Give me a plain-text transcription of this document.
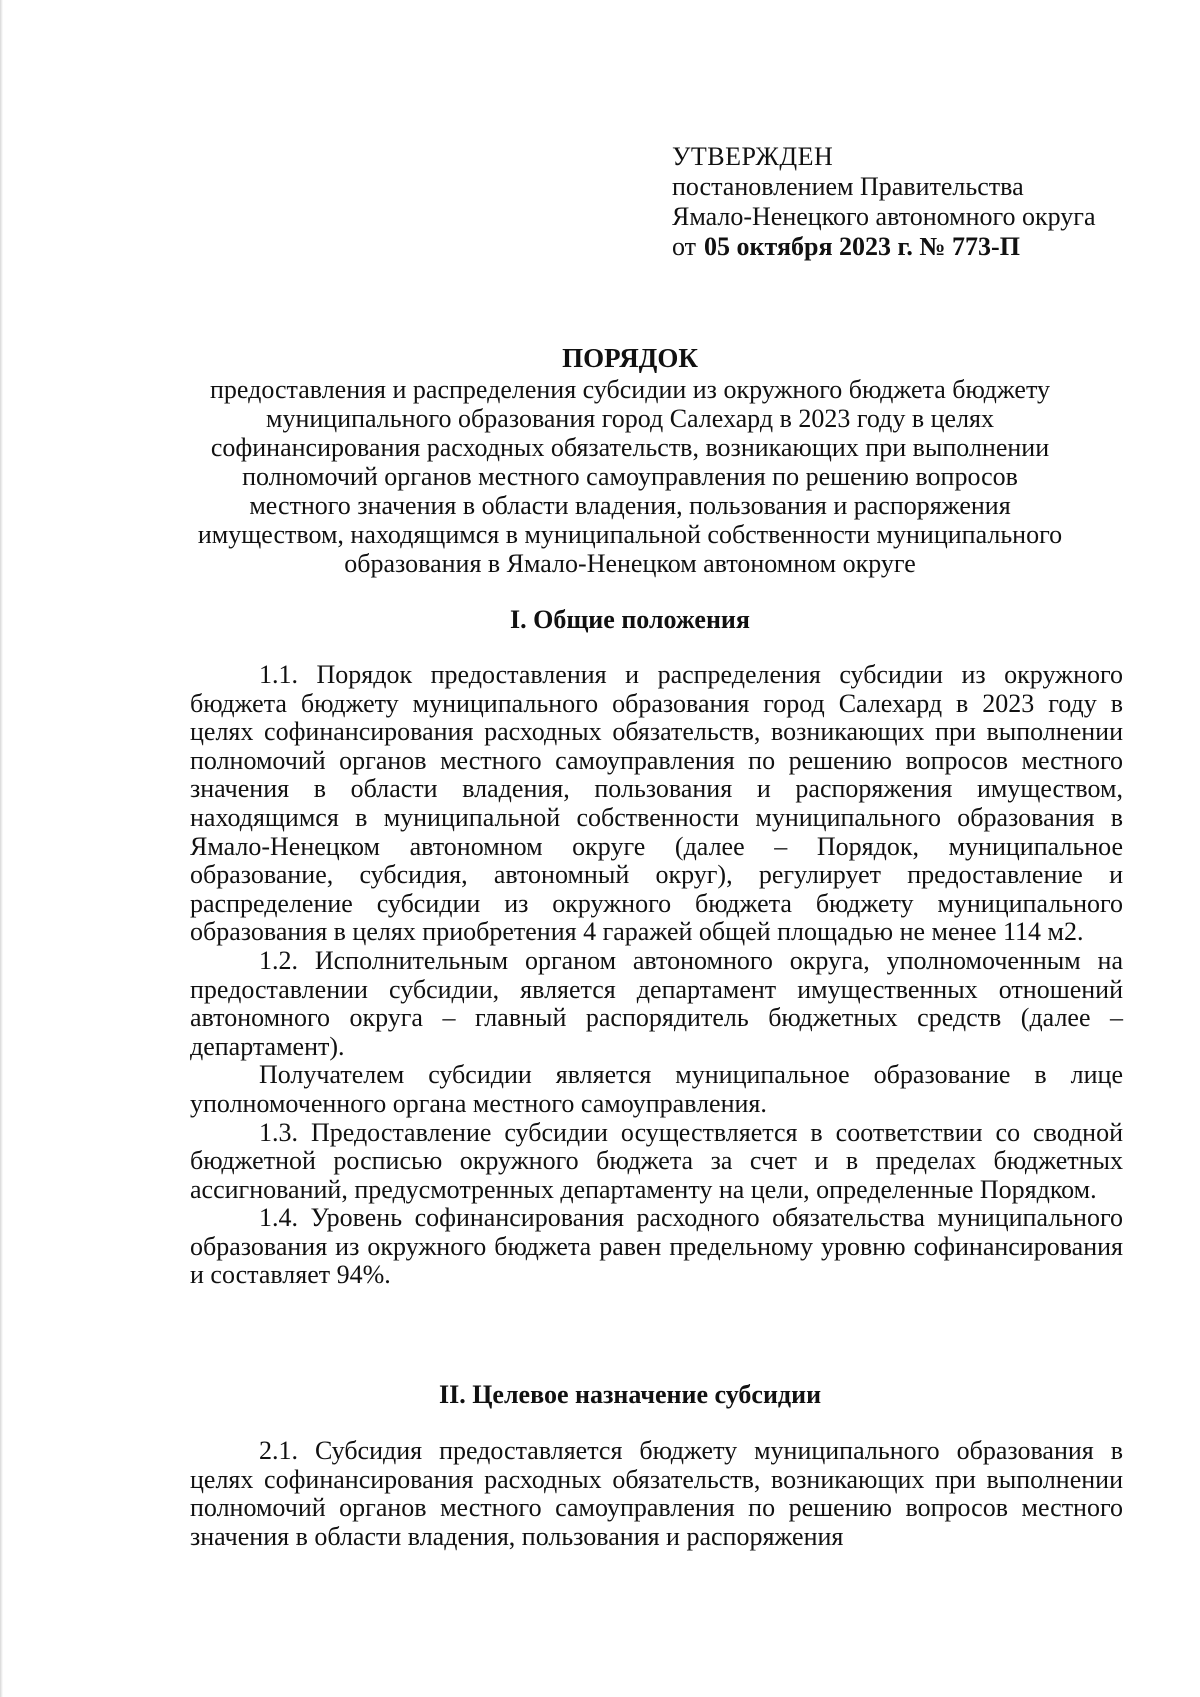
УТВЕРЖДЕН

постановлением Правительства

Ямало-Ненецкого автономного округа

от 05 октября 2023 г. № 773-П

ПОРЯДОК

предоставления и распределения субсидии из окружного бюджета бюджету муниципального образования город Салехард в 2023 году в целях софинансирования расходных обязательств, возникающих при выполнении полномочий органов местного самоуправления по решению вопросов местного значения в области владения, пользования и распоряжения имуществом, находящимся в муниципальной собственности муниципального образования в Ямало-Ненецком автономном округе

I. Общие положения

1.1. Порядок предоставления и распределения субсидии из окружного бюджета бюджету муниципального образования город Салехард в 2023 году в целях софинансирования расходных обязательств, возникающих при выполнении полномочий органов местного самоуправления по решению вопросов местного значения в области владения, пользования и распоряжения имуществом, находящимся в муниципальной собственности муниципального образования в Ямало-Ненецком автономном округе (далее – Порядок, муниципальное образование, субсидия, автономный округ), регулирует предоставление и распределение субсидии из окружного бюджета бюджету муниципального образования в целях приобретения 4 гаражей общей площадью не менее 114 м2.

1.2. Исполнительным органом автономного округа, уполномоченным на предоставлении субсидии, является департамент имущественных отношений автономного округа – главный распорядитель бюджетных средств (далее – департамент).

Получателем субсидии является муниципальное образование в лице уполномоченного органа местного самоуправления.

1.3. Предоставление субсидии осуществляется в соответствии со сводной бюджетной росписью окружного бюджета за счет и в пределах бюджетных ассигнований, предусмотренных департаменту на цели, определенные Порядком.

1.4. Уровень софинансирования расходного обязательства муниципального образования из окружного бюджета равен предельному уровню софинансирования и составляет 94%.

II. Целевое назначение субсидии

2.1. Субсидия предоставляется бюджету муниципального образования в целях софинансирования расходных обязательств, возникающих при выполнении полномочий органов местного самоуправления по решению вопросов местного значения в области владения, пользования и распоряжения
